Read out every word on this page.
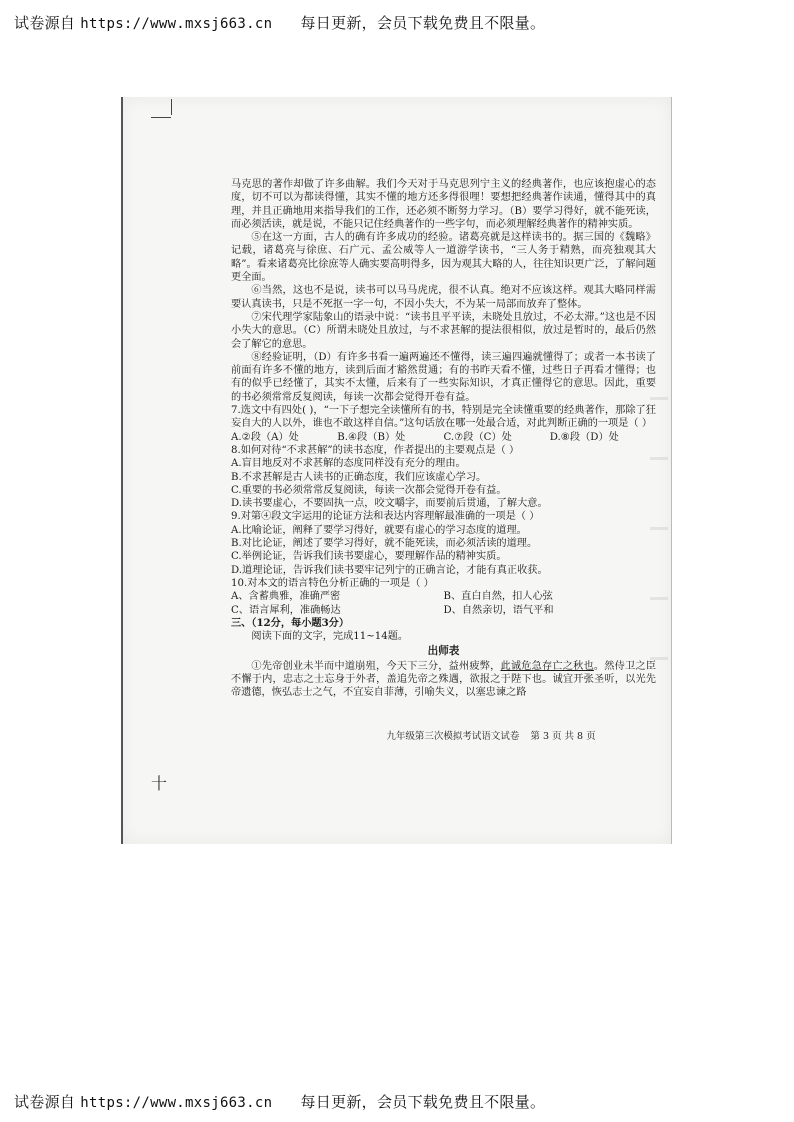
试卷源自 https://www.mxsj663.cn 每日更新，会员下载免费且不限量。
十

马克思的著作却做了许多曲解。我们今天对于马克思列宁主义的经典著作，也应该抱虚心的态度，切不可以为都读得懂，其实不懂的地方还多得很哩！要想把经典著作读通，懂得其中的真理，并且正确地用来指导我们的工作，还必须不断努力学习。（B）要学习得好，就不能死读，而必须活读，就是说，不能只记住经典著作的一些字句，而必须理解经典著作的精神实质。

⑤在这一方面，古人的确有许多成功的经验。诸葛亮就是这样读书的。据三国的《魏略》记载，诸葛亮与徐庶、石广元、孟公威等人一道游学读书，“三人务于精熟，而亮独观其大略”。看来诸葛亮比徐庶等人确实要高明得多，因为观其大略的人，往往知识更广泛，了解问题更全面。

⑥当然，这也不是说，读书可以马马虎虎，很不认真。绝对不应该这样。观其大略同样需要认真读书，只是不死抠一字一句，不因小失大，不为某一局部而放弃了整体。

⑦宋代理学家陆象山的语录中说：“读书且平平读，未晓处且放过，不必太滞。”这也是不因小失大的意思。（C）所谓未晓处且放过，与不求甚解的提法很相似，放过是暂时的，最后仍然会了解它的意思。

⑧经验证明，（D）有许多书看一遍两遍还不懂得，读三遍四遍就懂得了；或者一本书读了前面有许多不懂的地方，读到后面才豁然贯通；有的书昨天看不懂，过些日子再看才懂得；也有的似乎已经懂了，其实不太懂，后来有了一些实际知识，才真正懂得它的意思。因此，重要的书必须常常反复阅读，每读一次都会觉得开卷有益。

7.选文中有四处( )，“一下子想完全读懂所有的书，特别是完全读懂重要的经典著作，那除了狂妄自大的人以外，谁也不敢这样自信。”这句话放在哪一处最合适，对此判断正确的一项是（ ）

A.②段（A）处	B.④段（B）处	C.⑦段（C）处	D.⑧段（D）处

8.如何对待“不求甚解”的读书态度，作者提出的主要观点是（ ）

A.盲目地反对不求甚解的态度同样没有充分的理由。

B.不求甚解是古人读书的正确态度，我们应该虚心学习。

C.重要的书必须常常反复阅读，每读一次都会觉得开卷有益。

D.读书要虚心，不要固执一点，咬文嚼字，而要前后贯通，了解大意。

9.对第④段文字运用的论证方法和表达内容理解最准确的一项是（ ）

A.比喻论证，阐释了要学习得好，就要有虚心的学习态度的道理。

B.对比论证，阐述了要学习得好，就不能死读，而必须活读的道理。

C.举例论证，告诉我们读书要虚心，要理解作品的精神实质。

D.道理论证，告诉我们读书要牢记列宁的正确言论，才能有真正收获。

10.对本文的语言特色分析正确的一项是（ ）

A、含蓄典雅，准确严密	B、直白自然，扣人心弦
C、语言犀利，准确畅达	D、自然亲切，语气平和

三、（12分，每小题3分）

阅读下面的文字，完成11~14题。

出师表

①先帝创业未半而中道崩殂，今天下三分，益州疲弊，此诚危急存亡之秋也。然侍卫之臣不懈于内，忠志之士忘身于外者，盖追先帝之殊遇，欲报之于陛下也。诚宜开张圣听，以光先帝遗德，恢弘志士之气，不宜妄自菲薄，引喻失义，以塞忠谏之路

九年级第三次模拟考试语文试卷 第 3 页 共 8 页
试卷源自 https://www.mxsj663.cn 每日更新，会员下载免费且不限量。
